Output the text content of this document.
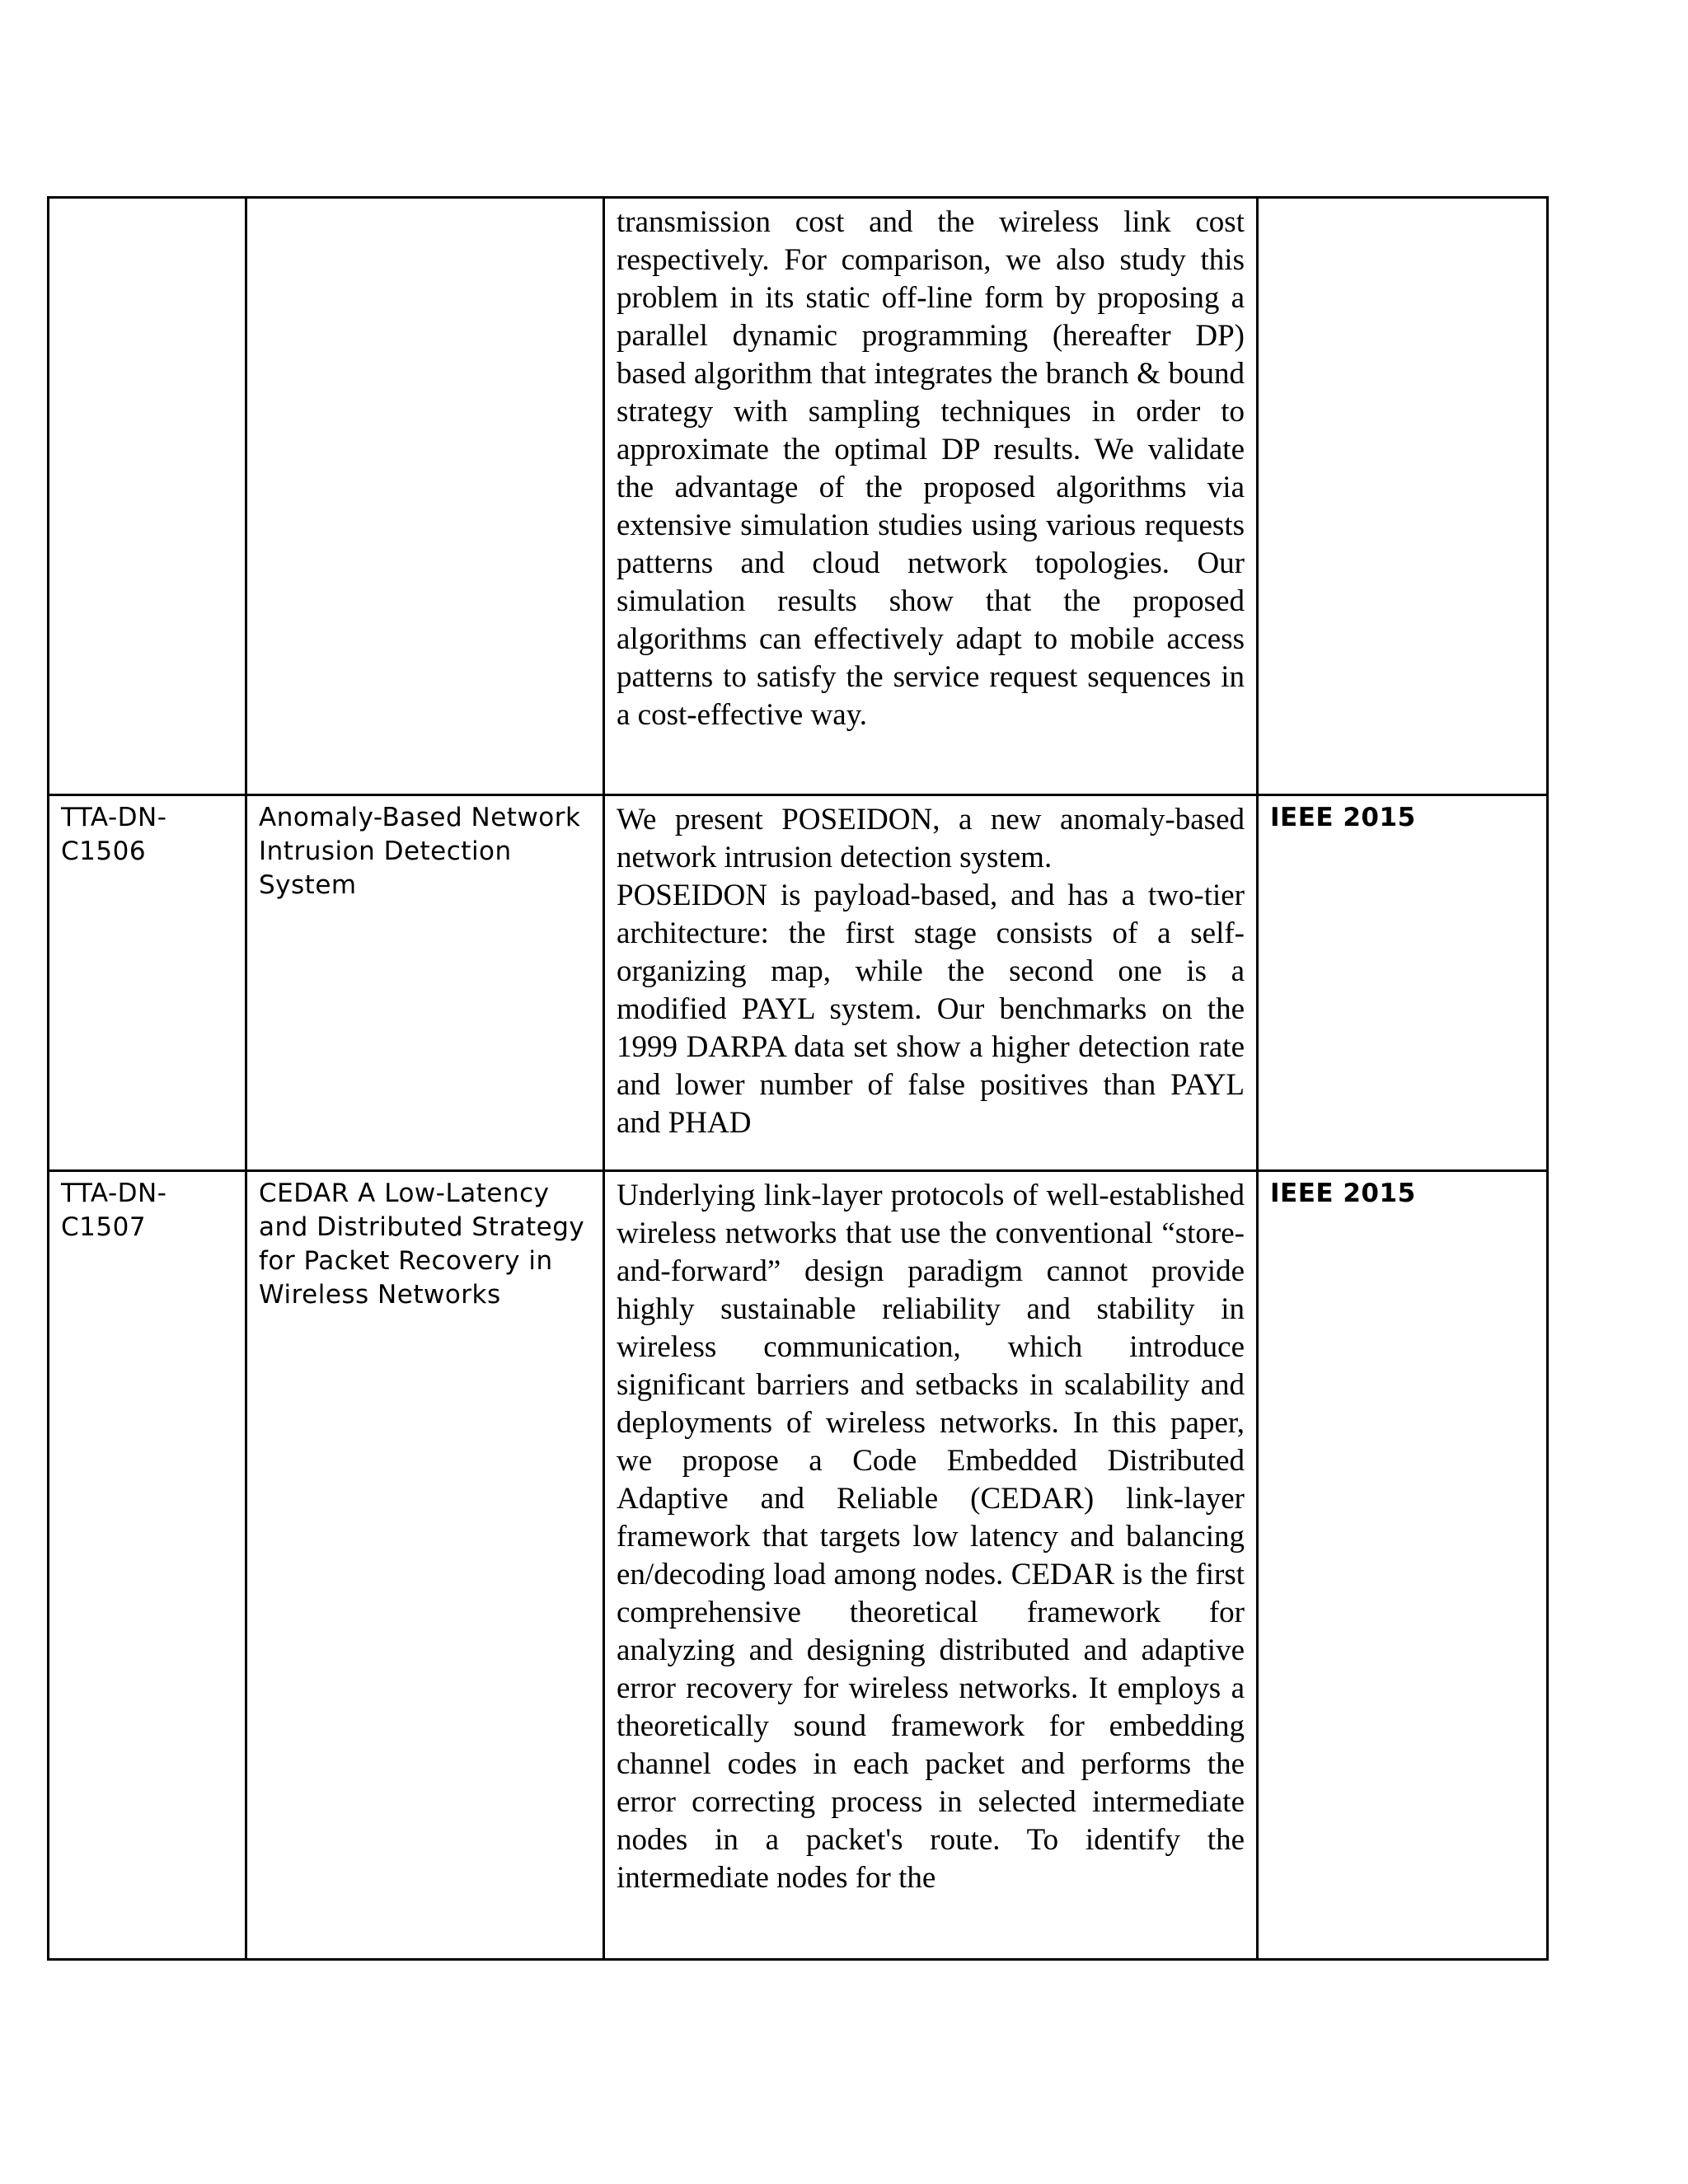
		transmission cost and the wireless link cost respectively. For comparison, we also study this problem in its static off-line form by proposing a parallel dynamic programming (hereafter DP) based algorithm that integrates the branch & bound strategy with sampling techniques in order to approximate the optimal DP results. We validate the advantage of the proposed algorithms via extensive simulation studies using various requests patterns and cloud network topologies. Our simulation results show that the proposed algorithms can effectively adapt to mobile access patterns to satisfy the service request sequences in a cost-effective way.	

TTA-DN-C1506	Anomaly-Based Network Intrusion Detection System	We present POSEIDON, a new anomaly-based network intrusion detection system.
POSEIDON is payload-based, and has a two-tier architecture: the first stage consists of a self-organizing map, while the second one is a modified PAYL system. Our benchmarks on the 1999 DARPA data set show a higher detection rate and lower number of false positives than PAYL and PHAD	IEEE 2015
TTA-DN-C1507	CEDAR A Low-Latency and Distributed Strategy for Packet Recovery in Wireless Networks	Underlying link-layer protocols of well-established wireless networks that use the conventional “store-and-forward” design paradigm cannot provide highly sustainable reliability and stability in wireless communication, which introduce significant barriers and setbacks in scalability and deployments of wireless networks. In this paper, we propose a Code Embedded Distributed Adaptive and Reliable (CEDAR) link-layer framework that targets low latency and balancing en/decoding load among nodes. CEDAR is the first comprehensive theoretical framework for analyzing and designing distributed and adaptive error recovery for wireless networks. It employs a theoretically sound framework for embedding channel codes in each packet and performs the error correcting process in selected intermediate nodes in a packet's route. To identify the intermediate nodes for the	IEEE 2015
